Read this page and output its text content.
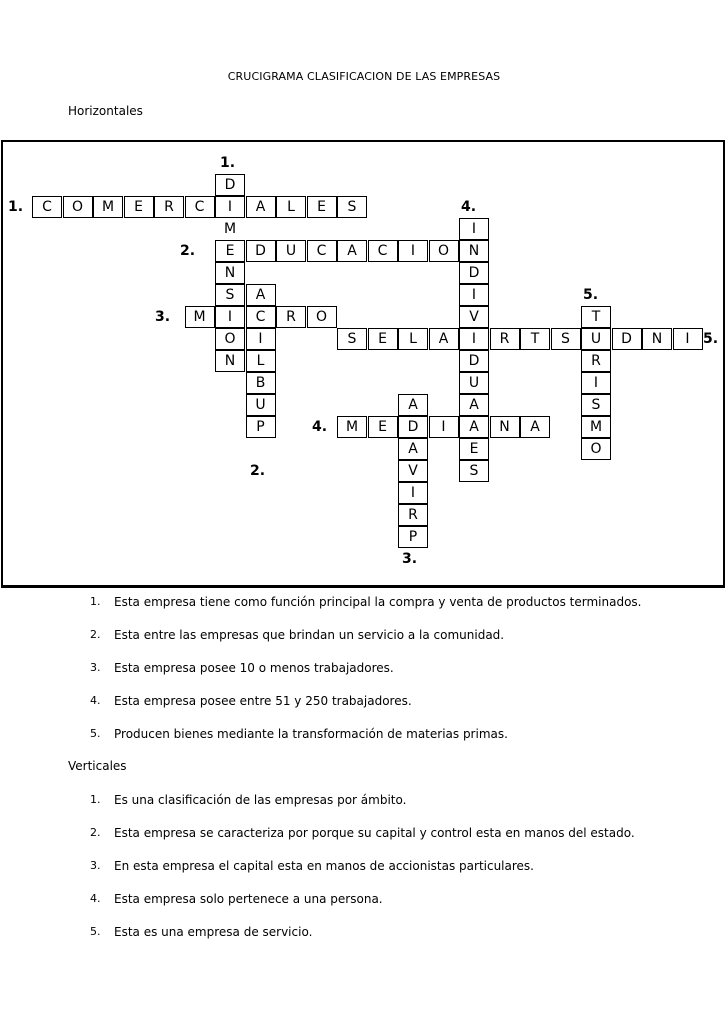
CRUCIGRAMA CLASIFICACION DE LAS EMPRESAS
Horizontales
C	O	M	E	R	C	I	A	L	E	S
E	D	U	C	A	C	I	O	N
M	I	C	R	O
M	E	D	I	A	N	A
S	E	L	A	I	R	T	S	U	D	N	I
D
M
N
S
O
N
A
I
L
B
U
P
A
A
V
I
R
P
I
D
I
V
D
U
A
E
S
T
R
I
S
M
O
1.
2.
3.
4.
5.
1.
2.
3.
4.
5.
1. Esta empresa tiene como función principal la compra y venta de productos terminados.
2. Esta entre las empresas que brindan un servicio a la comunidad.
3. Esta empresa posee 10 o menos trabajadores.
4. Esta empresa posee entre 51 y 250 trabajadores.
5. Producen bienes mediante la transformación de materias primas.
Verticales
1. Es una clasificación de las empresas por ámbito.
2. Esta empresa se caracteriza por porque su capital y control esta en manos del estado.
3. En esta empresa el capital esta en manos de accionistas particulares.
4. Esta empresa solo pertenece a una persona.
5. Esta es una empresa de servicio.
